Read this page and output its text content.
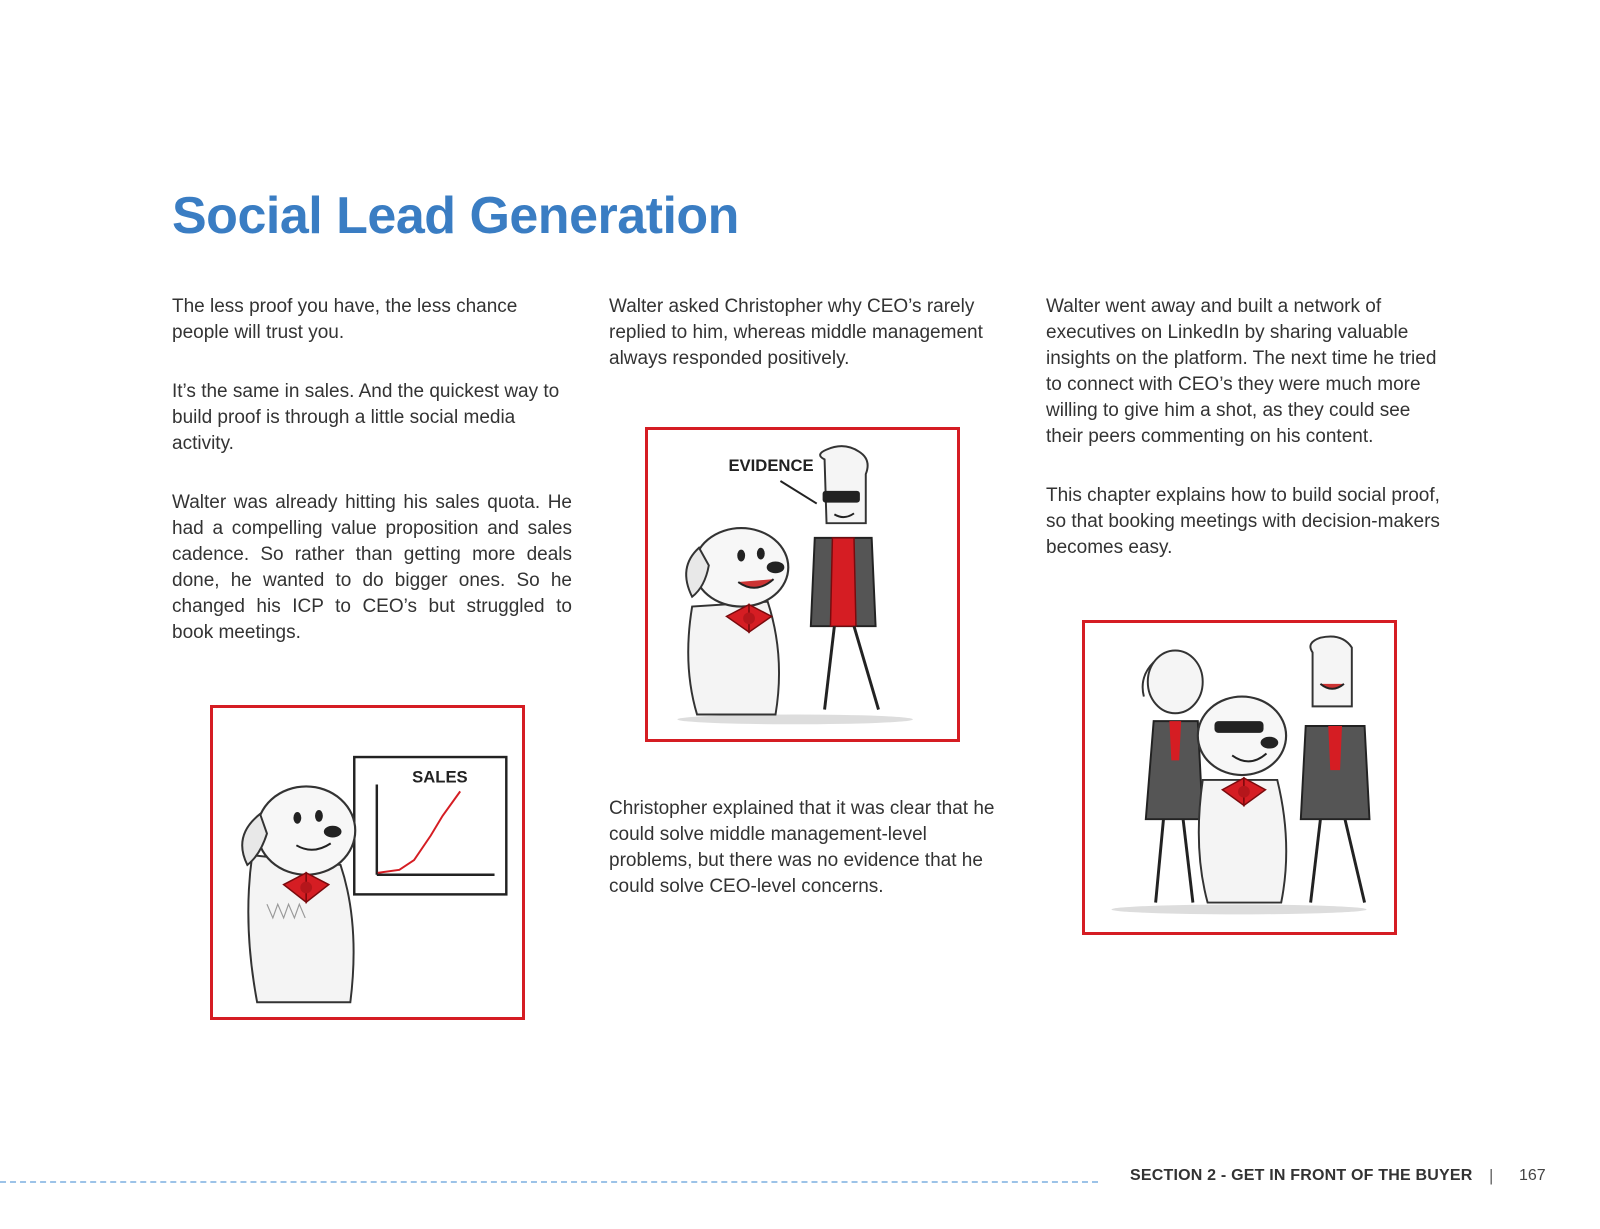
Social Lead Generation

The less proof you have, the less chance people will trust you.

It’s the same in sales. And the quickest way to build proof is through a little social media activity.

Walter was already hitting his sales quota. He had a compelling value proposition and sales cadence. So rather than getting more deals done, he wanted to do bigger ones. So he changed his ICP to CEO’s but struggled to book meetings.

Walter asked Christopher why CEO’s rarely replied to him, whereas middle management always responded positively.

Christopher explained that it was clear that he could solve middle management-level problems, but there was no evidence that he could solve CEO-level concerns.

Walter went away and built a network of executives on LinkedIn by sharing valuable insights on the platform. The next time he tried to connect with CEO’s they were much more willing to give him a shot, as they could see their peers commenting on his content.

This chapter explains how to build social proof, so that booking meetings with decision-makers becomes easy.

SALES
EVIDENCE
SECTION 2 - GET IN FRONT OF THE BUYER | 167
